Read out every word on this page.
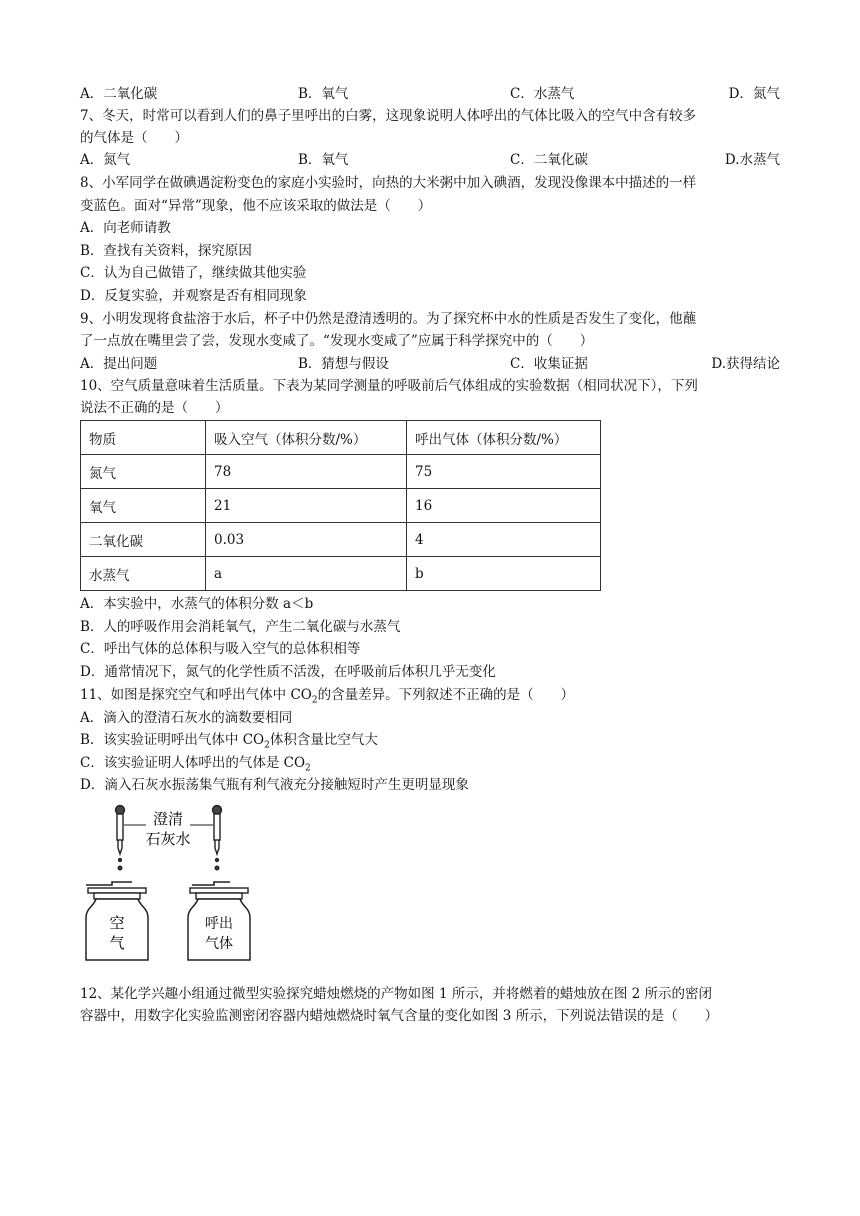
A．二氧化碳	B．氧气	C．水蒸气	D．氮气
7、冬天，时常可以看到人们的鼻子里呼出的白雾，这现象说明人体呼出的气体比吸入的空气中含有较多
的气体是（　　）
A．氮气	B．氧气	C．二氧化碳	D.水蒸气
8、小军同学在做碘遇淀粉变色的家庭小实验时，向热的大米粥中加入碘酒，发现没像课本中描述的一样
变蓝色。面对“异常”现象，他不应该采取的做法是（　　）
A．向老师请教
B．查找有关资料，探究原因
C．认为自己做错了，继续做其他实验
D．反复实验，并观察是否有相同现象
9、小明发现将食盐溶于水后，杯子中仍然是澄清透明的。为了探究杯中水的性质是否发生了变化，他蘸
了一点放在嘴里尝了尝，发现水变咸了。“发现水变咸了”应属于科学探究中的（　　）
A．提出问题	B．猜想与假设	C．收集证据	D.获得结论
10、空气质量意味着生活质量。下表为某同学测量的呼吸前后气体组成的实验数据（相同状况下），下列
说法不正确的是（　　）
物质	吸入空气（体积分数/%）	呼出气体（体积分数/%）
氮气	78	75
氧气	21	16
二氧化碳	0.03	4
水蒸气	a	b
A．本实验中，水蒸气的体积分数 a＜b
B．人的呼吸作用会消耗氧气，产生二氧化碳与水蒸气
C．呼出气体的总体积与吸入空气的总体积相等
D．通常情况下，氮气的化学性质不活泼，在呼吸前后体积几乎无变化
11、如图是探究空气和呼出气体中 $CO_2$的含量差异。下列叙述不正确的是（　　）
A．滴入的澄清石灰水的滴数要相同
B．该实验证明呼出气体中 $CO_2$体积含量比空气大
C．该实验证明人体呼出的气体是 $CO_2$
D．滴入石灰水振荡集气瓶有利气液充分接触短时产生更明显现象
澄清
石灰水
空
气
呼出
气体
12、某化学兴趣小组通过微型实验探究蜡烛燃烧的产物如图 1 所示，并将燃着的蜡烛放在图 2 所示的密闭
容器中，用数字化实验监测密闭容器内蜡烛燃烧时氧气含量的变化如图 3 所示，下列说法错误的是（　　）
